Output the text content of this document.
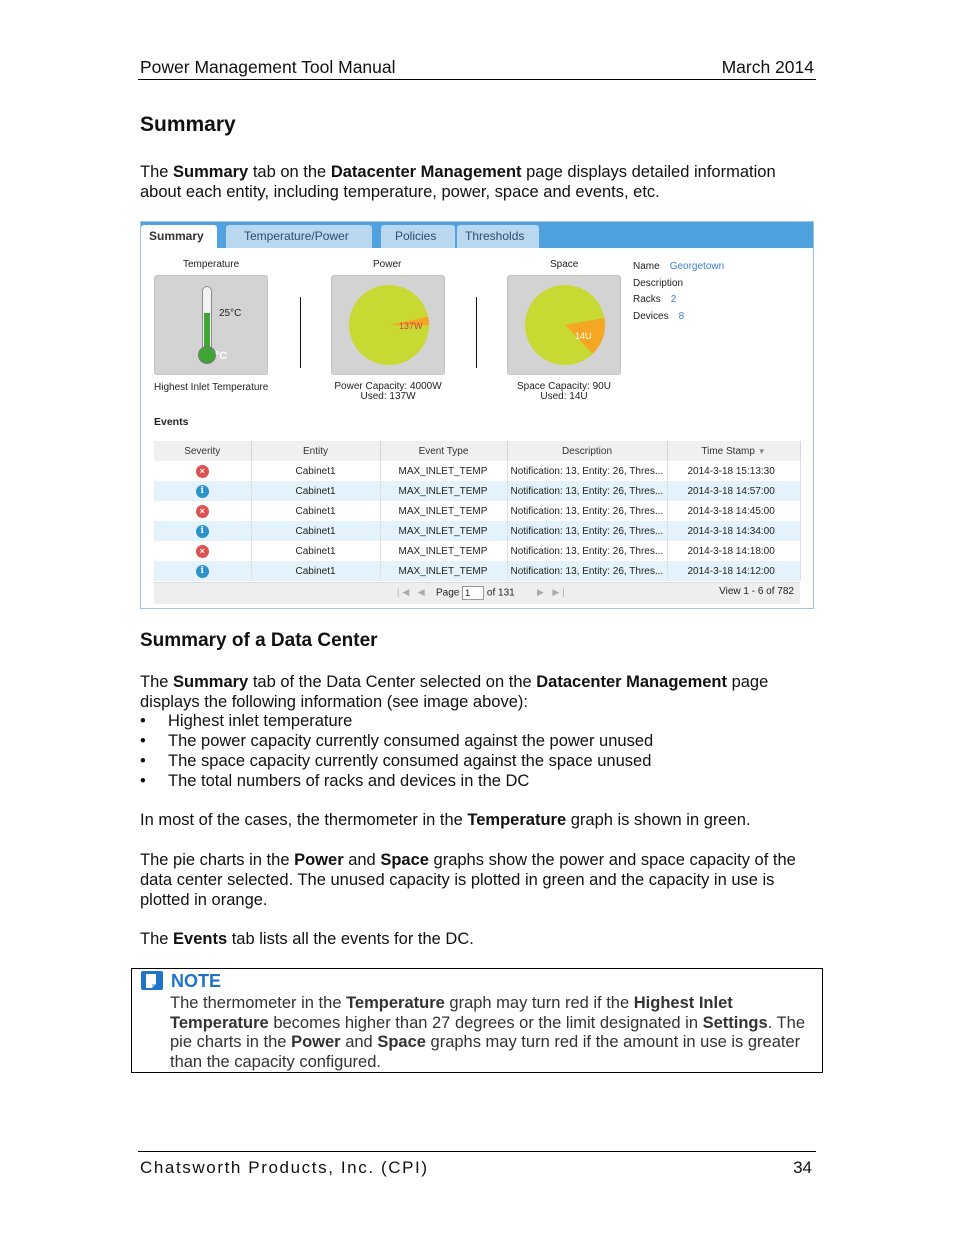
Power Management Tool Manual	March 2014
Summary

The Summary tab on the Datacenter Management page displays detailed information about each entity, including temperature, power, space and events, etc.

Summary	Temperature/Power	Policies	Thresholds
Temperature
25°C
°C
Highest Inlet Temperature
Power
137W
Power Capacity: 4000W
Used: 137W
Space
14U
Space Capacity: 90U
Used: 14U
Name Georgetown
Description
Racks 2
Devices 8
Events
Severity	Entity	Event Type	Description	Time Stamp ▼
×	Cabinet1	MAX_INLET_TEMP	Notification: 13, Entity: 26, Thres...	2014-3-18 15:13:30
i	Cabinet1	MAX_INLET_TEMP	Notification: 13, Entity: 26, Thres...	2014-3-18 14:57:00
×	Cabinet1	MAX_INLET_TEMP	Notification: 13, Entity: 26, Thres...	2014-3-18 14:45:00
i	Cabinet1	MAX_INLET_TEMP	Notification: 13, Entity: 26, Thres...	2014-3-18 14:34:00
×	Cabinet1	MAX_INLET_TEMP	Notification: 13, Entity: 26, Thres...	2014-3-18 14:18:00
i	Cabinet1	MAX_INLET_TEMP	Notification: 13, Entity: 26, Thres...	2014-3-18 14:12:00
|◀ ◀ Page 1 of 131 ▶ ▶|	View 1 - 6 of 782
Summary of a Data Center

The Summary tab of the Data Center selected on the Datacenter Management page displays the following information (see image above):

• Highest inlet temperature
• The power capacity currently consumed against the power unused
• The space capacity currently consumed against the space unused
• The total numbers of racks and devices in the DC

In most of the cases, the thermometer in the Temperature graph is shown in green.

The pie charts in the Power and Space graphs show the power and space capacity of the data center selected. The unused capacity is plotted in green and the capacity in use is plotted in orange.

The Events tab lists all the events for the DC.

NOTE

The thermometer in the Temperature graph may turn red if the Highest Inlet Temperature becomes higher than 27 degrees or the limit designated in Settings. The pie charts in the Power and Space graphs may turn red if the amount in use is greater than the capacity configured.

Chatsworth Products, Inc. (CPI)	34
